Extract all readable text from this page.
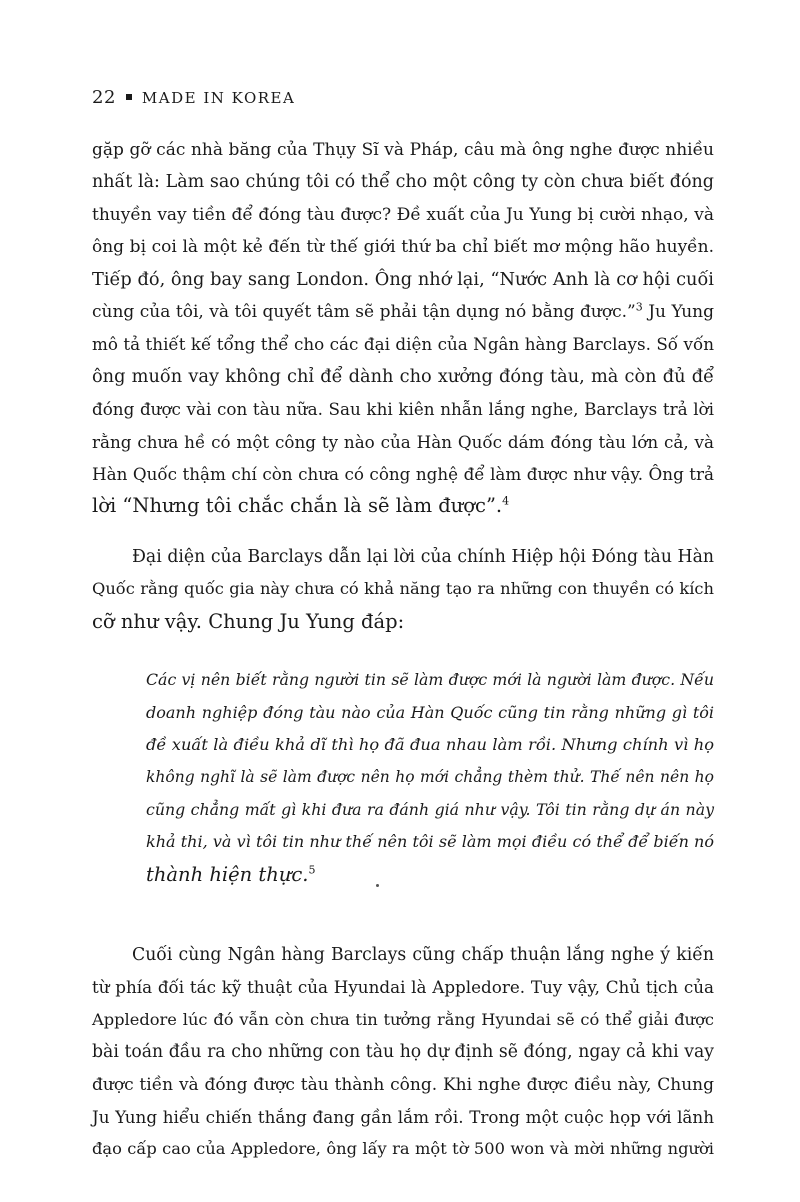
22 MADE IN KOREA
gặp gỡ các nhà băng của Thụy Sĩ và Pháp, câu mà ông nghe được nhiều
nhất là: Làm sao chúng tôi có thể cho một công ty còn chưa biết đóng
thuyền vay tiền để đóng tàu được? Đề xuất của Ju Yung bị cười nhạo, và
ông bị coi là một kẻ đến từ thế giới thứ ba chỉ biết mơ mộng hão huyền.
Tiếp đó, ông bay sang London. Ông nhớ lại, “Nước Anh là cơ hội cuối
cùng của tôi, và tôi quyết tâm sẽ phải tận dụng nó bằng được.”$^3$ Ju Yung
mô tả thiết kế tổng thể cho các đại diện của Ngân hàng Barclays. Số vốn
ông muốn vay không chỉ để dành cho xưởng đóng tàu, mà còn đủ để
đóng được vài con tàu nữa. Sau khi kiên nhẫn lắng nghe, Barclays trả lời
rằng chưa hề có một công ty nào của Hàn Quốc dám đóng tàu lớn cả, và
Hàn Quốc thậm chí còn chưa có công nghệ để làm được như vậy. Ông trả
lời “Nhưng tôi chắc chắn là sẽ làm được”.$^4$
Đại diện của Barclays dẫn lại lời của chính Hiệp hội Đóng tàu Hàn
Quốc rằng quốc gia này chưa có khả năng tạo ra những con thuyền có kích
cỡ như vậy. Chung Ju Yung đáp:
Các vị nên biết rằng người tin sẽ làm được mới là người làm được. Nếu
doanh nghiệp đóng tàu nào của Hàn Quốc cũng tin rằng những gì tôi
đề xuất là điều khả dĩ thì họ đã đua nhau làm rồi. Nhưng chính vì họ
không nghĩ là sẽ làm được nên họ mới chẳng thèm thử. Thế nên nên họ
cũng chẳng mất gì khi đưa ra đánh giá như vậy. Tôi tin rằng dự án này
khả thi, và vì tôi tin như thế nên tôi sẽ làm mọi điều có thể để biến nó
thành hiện thực.$^5$
Cuối cùng Ngân hàng Barclays cũng chấp thuận lắng nghe ý kiến
từ phía đối tác kỹ thuật của Hyundai là Appledore. Tuy vậy, Chủ tịch của
Appledore lúc đó vẫn còn chưa tin tưởng rằng Hyundai sẽ có thể giải được
bài toán đầu ra cho những con tàu họ dự định sẽ đóng, ngay cả khi vay
được tiền và đóng được tàu thành công. Khi nghe được điều này, Chung
Ju Yung hiểu chiến thắng đang gần lắm rồi. Trong một cuộc họp với lãnh
đạo cấp cao của Appledore, ông lấy ra một tờ 500 won và mời những người
